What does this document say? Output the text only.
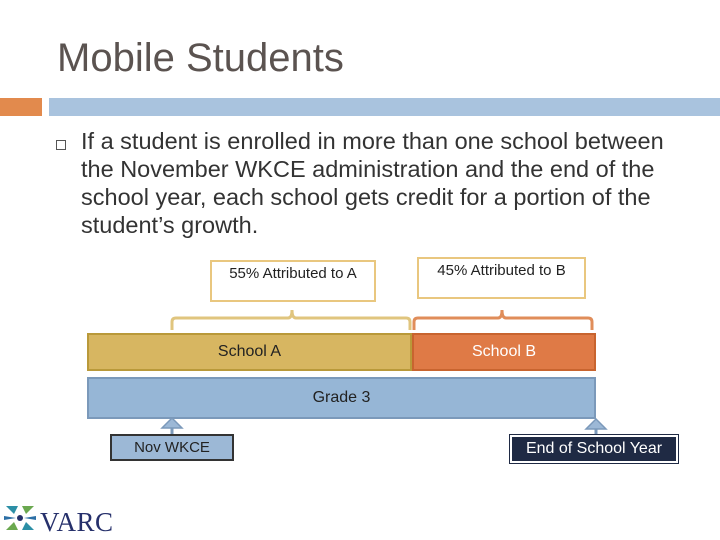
Mobile Students
If a student is enrolled in more than one school between the November WKCE administration and the end of the school year, each school gets credit for a portion of the student’s growth.
55% Attributed to A	45% Attributed to B
School A	School B
Grade 3
Nov WKCE	End of School Year
VARC
